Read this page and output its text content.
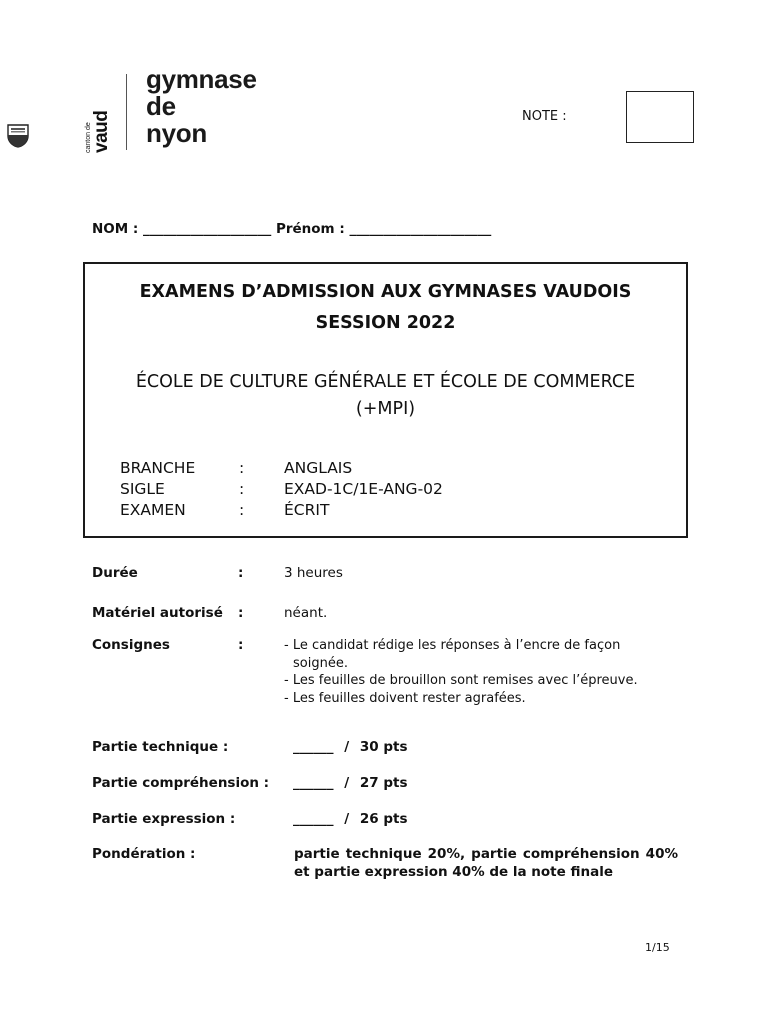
canton de vaud
gymnase
de
nyon
NOTE :
NOM : ___________________ Prénom : _____________________
EXAMENS D’ADMISSION AUX GYMNASES VAUDOIS
SESSION 2022
ÉCOLE DE CULTURE GÉNÉRALE ET ÉCOLE DE COMMERCE
(+MPI)
BRANCHE	:	ANGLAIS
SIGLE	:	EXAD-1C/1E-ANG-02
EXAMEN	:	ÉCRIT
Durée	:	3 heures
Matériel autorisé :	néant.
Consignes	:	- Le candidat rédige les réponses à l’encre de façon
soignée.
- Les feuilles de brouillon sont remises avec l’épreuve.
- Les feuilles doivent rester agrafées.
Partie technique :	______ / 30 pts
Partie compréhension : ______ / 27 pts
Partie expression :	______ / 26 pts
Pondération :	partie technique 20%, partie compréhension 40% et partie expression 40% de la note finale
1/15
